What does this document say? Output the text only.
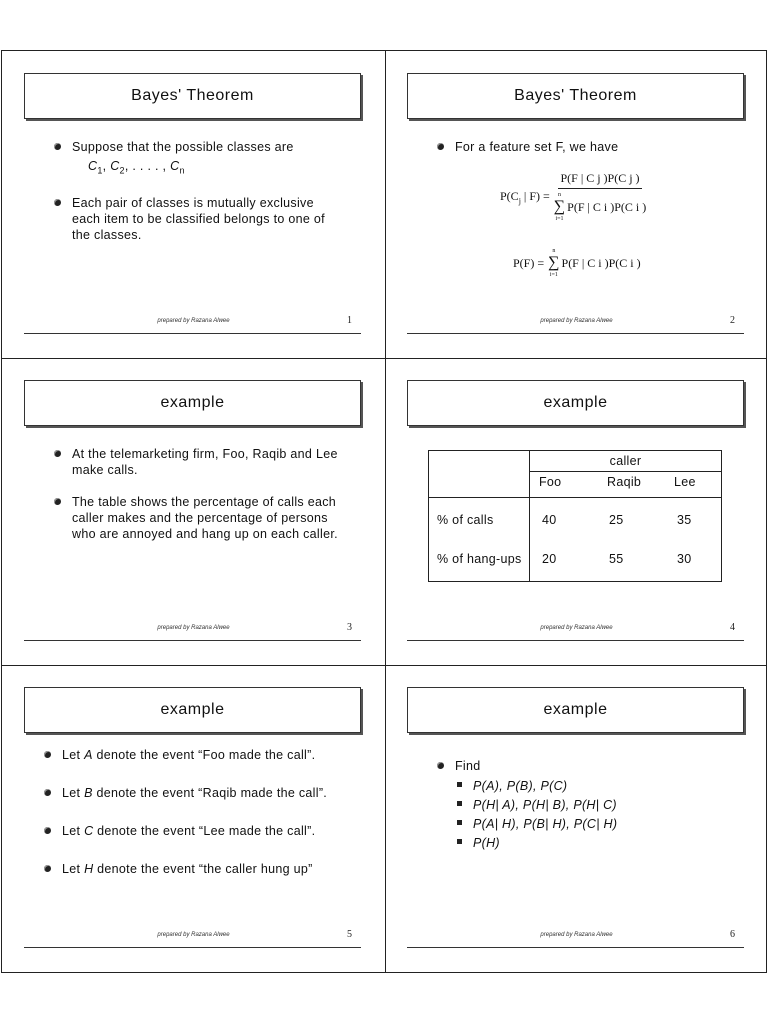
Bayes' Theorem
Suppose that the possible classes are
$C_1$, $C_2$, . . . . , $C_n$
Each pair of classes is mutually exclusive each item to be classified belongs to one of the classes.
prepared by Razana Alwee	1
Bayes' Theorem
For a feature set F, we have
$P(C_j$ | F) = P(F | C j )P(C j )
n
∑
i=1
P(F | C i )P(C i )
P(F) =
n
∑
i=1
P(F | C i )P(C i )
prepared by Razana Alwee	2
example
At the telemarketing firm, Foo, Raqib and Lee make calls.
The table shows the percentage of calls each caller makes and the percentage of persons who are annoyed and hang up on each caller.
prepared by Razana Alwee	3
example
caller
Foo	Raqib	Lee
% of calls	40	25	35
% of hang-ups 20	55	30
prepared by Razana Alwee	4
example
Let A denote the event “Foo made the call”.
Let B denote the event “Raqib made the call”.
Let C denote the event “Lee made the call”.
Let H denote the event “the caller hung up”
prepared by Razana Alwee	5
example
Find
P(A), P(B), P(C)
P(H| A), P(H| B), P(H| C)
P(A| H), P(B| H), P(C| H)
P(H)
prepared by Razana Alwee	6
